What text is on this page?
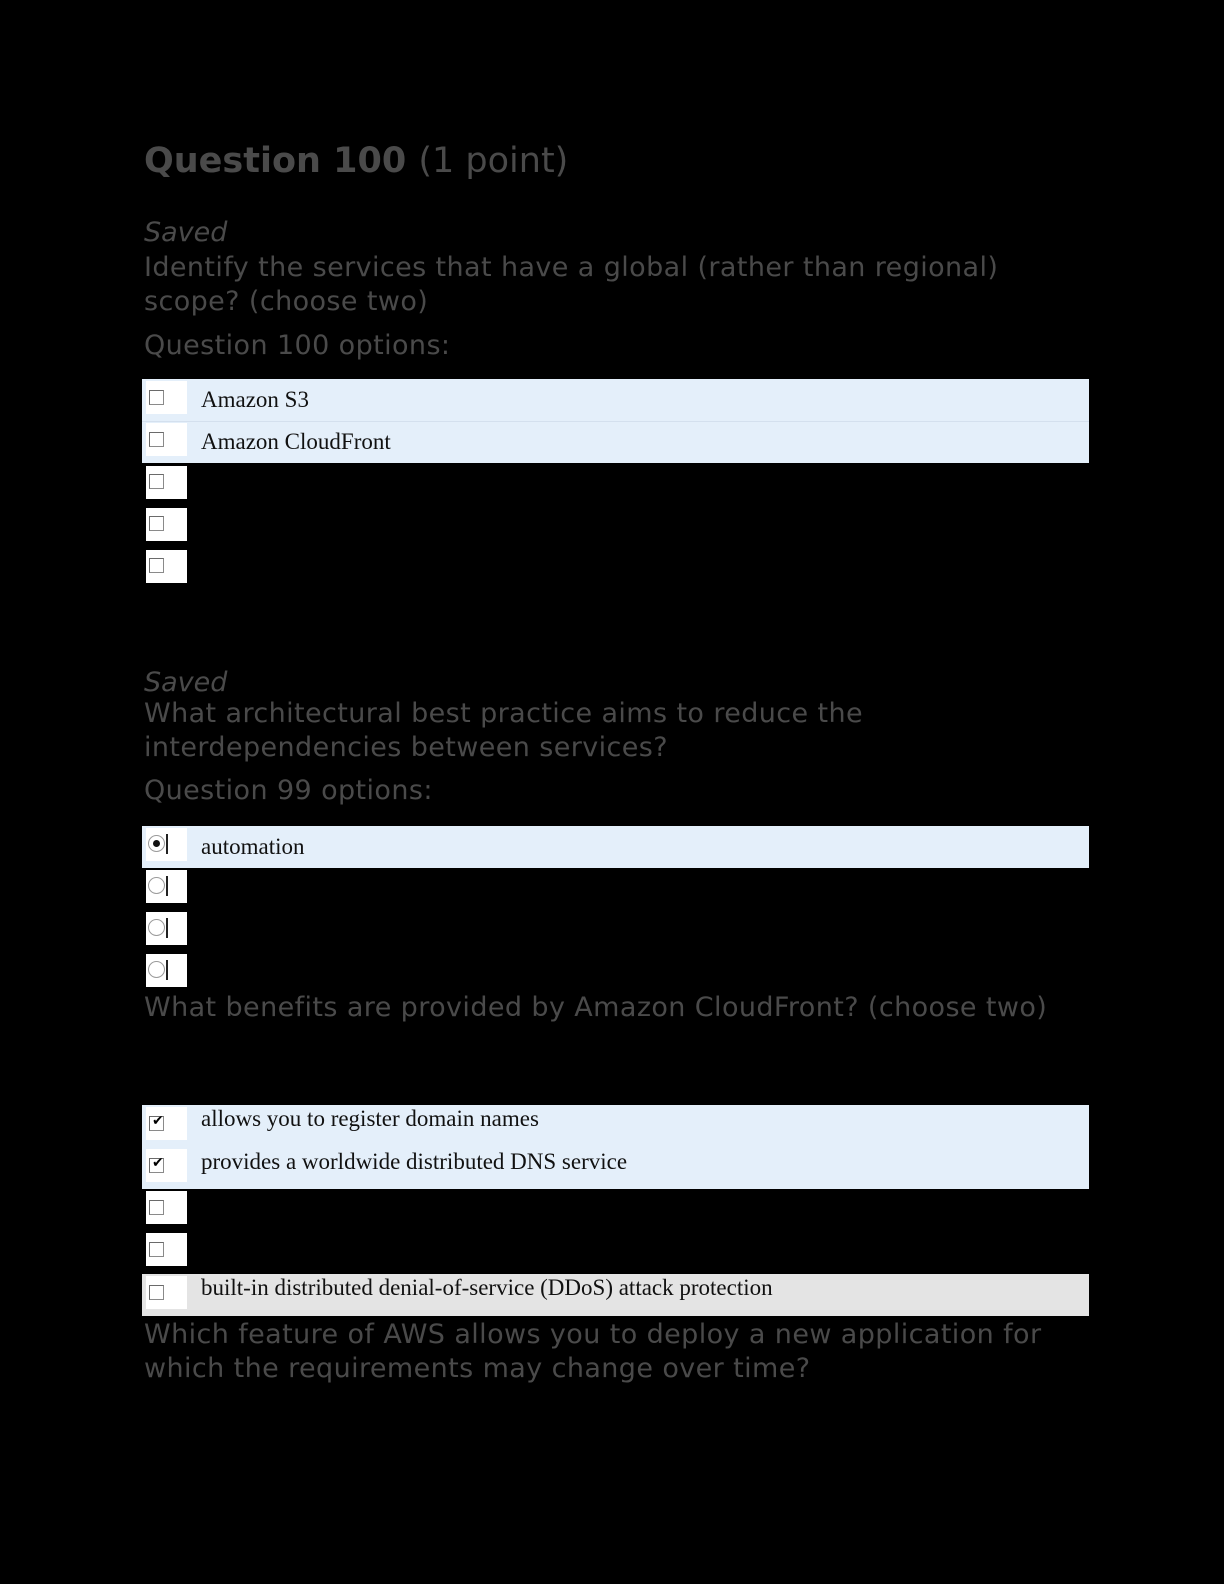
Question 100 (1 point)
Saved
Identify the services that have a global (rather than regional) scope? (choose two)
Question 100 options:
Amazon S3
Amazon CloudFront
Saved
What architectural best practice aims to reduce the interdependencies between services?
Question 99 options:
automation
What benefits are provided by Amazon CloudFront? (choose two)
✔ allows you to register domain names
✔ provides a worldwide distributed DNS service
built-in distributed denial-of-service (DDoS) attack protection
Which feature of AWS allows you to deploy a new application for which the requirements may change over time?
